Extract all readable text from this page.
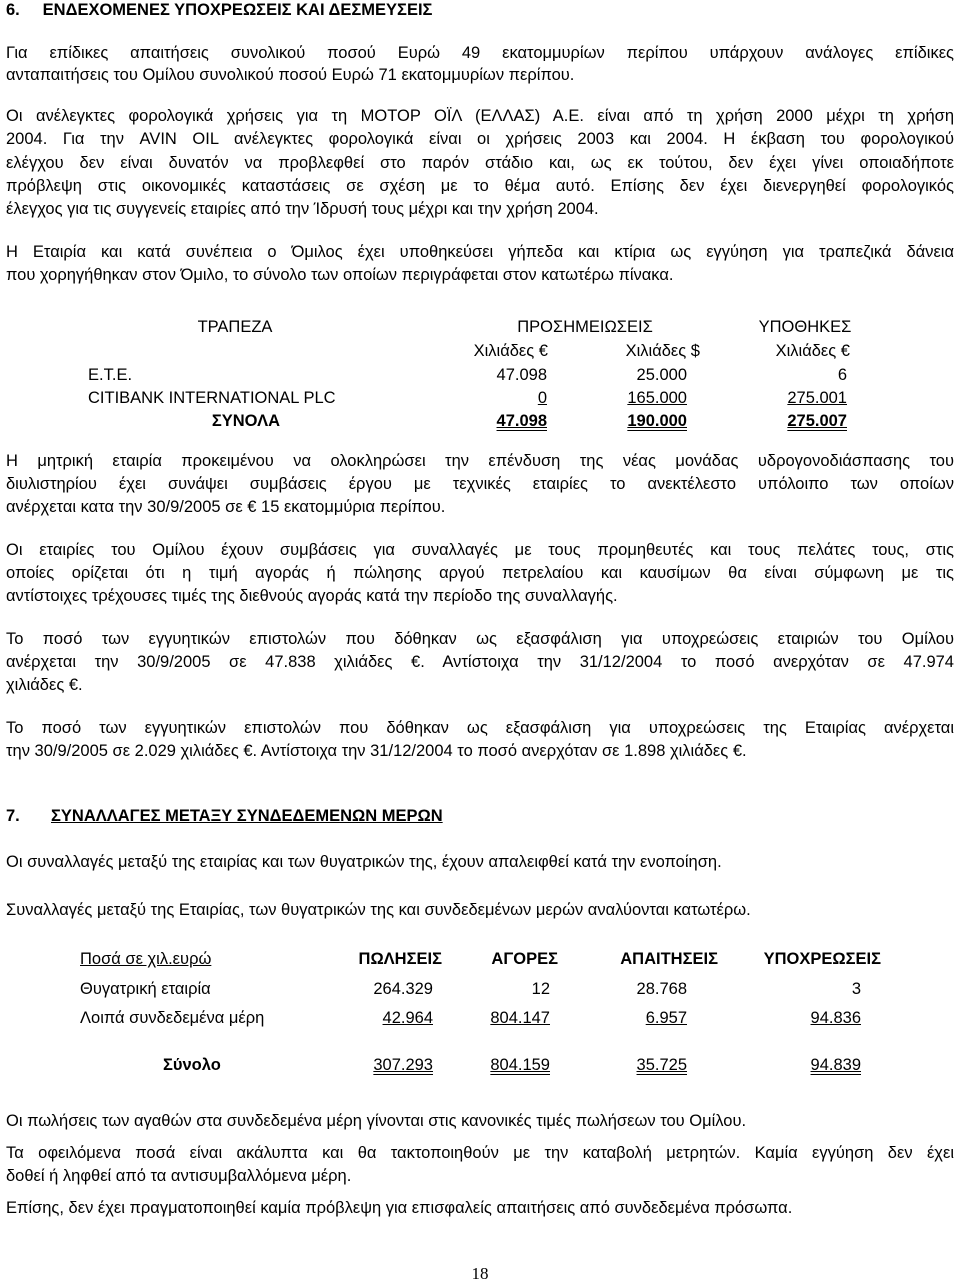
6.     ΕΝΔΕΧΟΜΕΝΕΣ ΥΠΟΧΡΕΩΣΕΙΣ ΚΑΙ ΔΕΣΜΕΥΣΕΙΣ
Για επίδικες απαιτήσεις συνολικού ποσού Ευρώ 49 εκατομμυρίων περίπου υπάρχουν ανάλογες επίδικες
ανταπαιτήσεις του Ομίλου συνολικού ποσού Ευρώ 71 εκατομμυρίων περίπου.
Οι ανέλεγκτες φορολογικά χρήσεις για τη ΜΟΤΟΡ ΟΪΛ (ΕΛΛΑΣ) Α.Ε. είναι από τη χρήση 2000 μέχρι τη χρήση
2004. Για την AVIN OIL ανέλεγκτες φορολογικά είναι οι χρήσεις 2003 και 2004. Η έκβαση του φορολογικού
ελέγχου δεν είναι δυνατόν να προβλεφθεί στο παρόν στάδιο και, ως εκ τούτου, δεν έχει γίνει οποιαδήποτε
πρόβλεψη στις οικονομικές καταστάσεις σε σχέση με το θέμα αυτό. Επίσης δεν έχει διενεργηθεί φορολογικός
έλεγχος για τις συγγενείς εταιρίες από την Ίδρυσή τους μέχρι και την χρήση 2004.
Η Εταιρία και κατά συνέπεια ο Όμιλος έχει υποθηκεύσει γήπεδα και κτίρια ως εγγύηση για τραπεζικά δάνεια
που χορηγήθηκαν στον Όμιλο, το σύνολο των οποίων περιγράφεται στον κατωτέρω πίνακα.
ΤΡΑΠΕΖΑ	ΠΡΟΣΗΜΕΙΩΣΕΙΣ	ΥΠΟΘΗΚΕΣ
Χιλιάδες €	Χιλιάδες $	Χιλιάδες €
Ε.Τ.Ε.	47.098	25.000	6
CITIBANK INTERNATIONAL PLC	0	165.000	275.001
ΣΥΝΟΛΑ	47.098	190.000	275.007
Η μητρική εταιρία προκειμένου να ολοκληρώσει την επένδυση της νέας μονάδας υδρογονοδιάσπασης του
διυλιστηρίου έχει συνάψει συμβάσεις έργου με τεχνικές εταιρίες το ανεκτέλεστο υπόλοιπο των οποίων
ανέρχεται κατα την 30/9/2005 σε € 15 εκατομμύρια περίπου.
Οι εταιρίες του Ομίλου έχουν συμβάσεις για συναλλαγές με τους προμηθευτές και τους πελάτες τους, στις
οποίες ορίζεται ότι η τιμή αγοράς ή πώλησης αργού πετρελαίου και καυσίμων θα είναι σύμφωνη με τις
αντίστοιχες τρέχουσες τιμές της διεθνούς αγοράς κατά την περίοδο της συναλλαγής.
Το ποσό των εγγυητικών επιστολών που δόθηκαν ως εξασφάλιση για υποχρεώσεις εταιριών του Ομίλου
ανέρχεται την 30/9/2005 σε 47.838 χιλιάδες €. Αντίστοιχα την 31/12/2004 το ποσό ανερχόταν σε 47.974
χιλιάδες €.
Το ποσό των εγγυητικών επιστολών που δόθηκαν ως εξασφάλιση για υποχρεώσεις της Εταιρίας ανέρχεται
την 30/9/2005 σε 2.029 χιλιάδες €. Αντίστοιχα την 31/12/2004 το ποσό ανερχόταν σε 1.898 χιλιάδες €.
7. ΣΥΝΑΛΛΑΓΕΣ ΜΕΤΑΞΥ ΣΥΝΔΕΔΕΜΕΝΩΝ ΜΕΡΩΝ
Οι συναλλαγές μεταξύ της εταιρίας και των θυγατρικών της, έχουν απαλειφθεί κατά την ενοποίηση.
Συναλλαγές μεταξύ της Εταιρίας, των θυγατρικών της και συνδεδεμένων μερών αναλύονται κατωτέρω.
Ποσά σε χιλ.ευρώ	ΠΩΛΗΣΕΙΣ	ΑΓΟΡΕΣ	ΑΠΑΙΤΗΣΕΙΣ	ΥΠΟΧΡΕΩΣΕΙΣ
Θυγατρική εταιρία	264.329	12	28.768	3
Λοιπά συνδεδεμένα μέρη	42.964	804.147	6.957	94.836
Σύνολο	307.293	804.159	35.725	94.839
Οι πωλήσεις των αγαθών στα συνδεδεμένα μέρη γίνονται στις κανονικές τιμές πωλήσεων του Ομίλου.
Τα οφειλόμενα ποσά είναι ακάλυπτα και θα τακτοποιηθούν με την καταβολή μετρητών. Καμία εγγύηση δεν έχει
δοθεί ή ληφθεί από τα αντισυμβαλλόμενα μέρη.
Επίσης, δεν έχει πραγματοποιηθεί καμία πρόβλεψη για επισφαλείς απαιτήσεις από συνδεδεμένα πρόσωπα.
18
